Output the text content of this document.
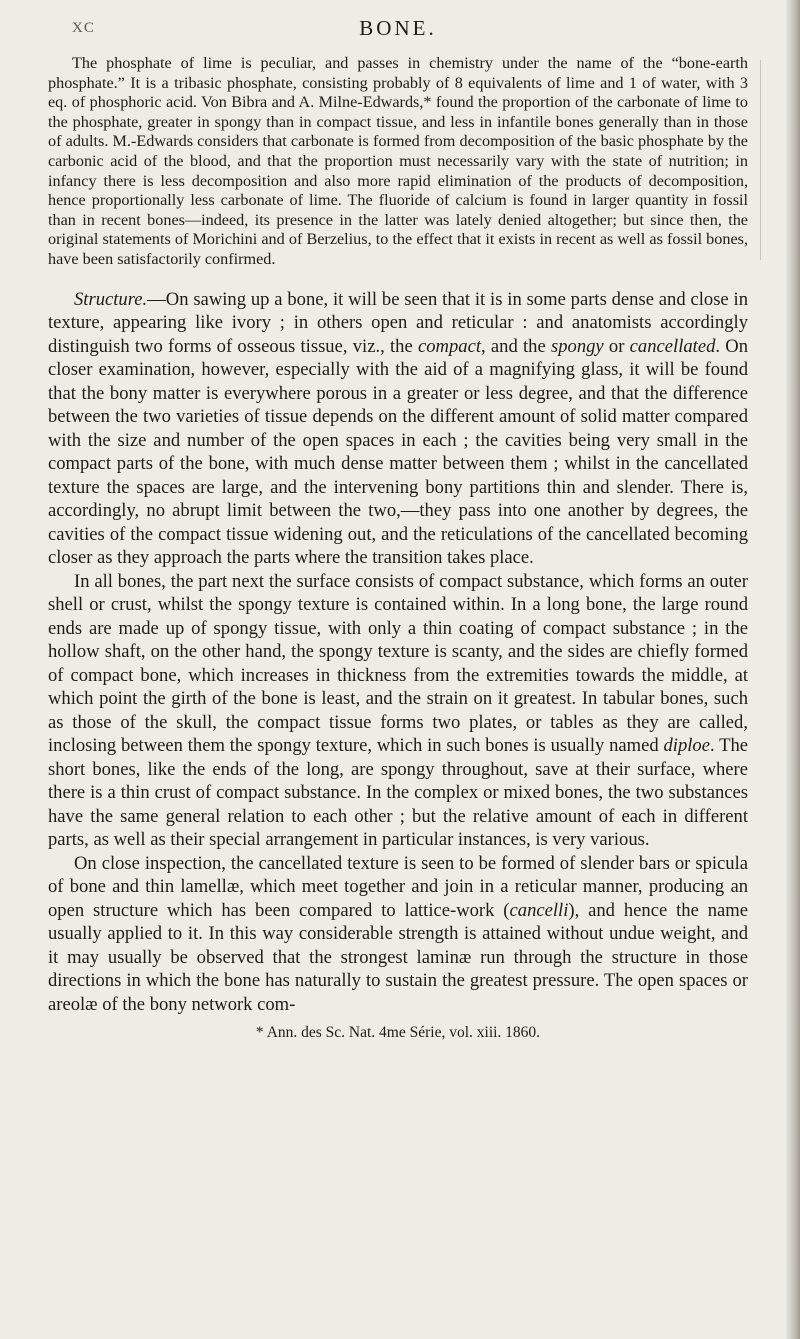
XC	BONE.

The phosphate of lime is peculiar, and passes in chemistry under the name of the “bone-earth phosphate.” It is a tribasic phosphate, consisting probably of 8 equivalents of lime and 1 of water, with 3 eq. of phosphoric acid. Von Bibra and A. Milne-Edwards,* found the proportion of the carbonate of lime to the phosphate, greater in spongy than in compact tissue, and less in infantile bones generally than in those of adults. M.-Edwards considers that carbonate is formed from decomposition of the basic phosphate by the carbonic acid of the blood, and that the proportion must necessarily vary with the state of nutrition; in infancy there is less decomposition and also more rapid elimination of the products of decomposition, hence proportionally less carbonate of lime. The fluoride of calcium is found in larger quantity in fossil than in recent bones—indeed, its presence in the latter was lately denied altogether; but since then, the original statements of Morichini and of Berzelius, to the effect that it exists in recent as well as fossil bones, have been satisfactorily confirmed.

Structure.—On sawing up a bone, it will be seen that it is in some parts dense and close in texture, appearing like ivory ; in others open and reticular : and anatomists accordingly distinguish two forms of osseous tissue, viz., the compact, and the spongy or cancellated. On closer examination, however, especially with the aid of a magnifying glass, it will be found that the bony matter is everywhere porous in a greater or less degree, and that the difference between the two varieties of tissue depends on the different amount of solid matter compared with the size and number of the open spaces in each ; the cavities being very small in the compact parts of the bone, with much dense matter between them ; whilst in the cancellated texture the spaces are large, and the intervening bony partitions thin and slender. There is, accordingly, no abrupt limit between the two,—they pass into one another by degrees, the cavities of the compact tissue widening out, and the reticulations of the cancellated becoming closer as they approach the parts where the transition takes place.

In all bones, the part next the surface consists of compact substance, which forms an outer shell or crust, whilst the spongy texture is contained within. In a long bone, the large round ends are made up of spongy tissue, with only a thin coating of compact substance ; in the hollow shaft, on the other hand, the spongy texture is scanty, and the sides are chiefly formed of compact bone, which increases in thickness from the extremities towards the middle, at which point the girth of the bone is least, and the strain on it greatest. In tabular bones, such as those of the skull, the compact tissue forms two plates, or tables as they are called, inclosing between them the spongy texture, which in such bones is usually named diploe. The short bones, like the ends of the long, are spongy throughout, save at their surface, where there is a thin crust of compact substance. In the complex or mixed bones, the two substances have the same general relation to each other ; but the relative amount of each in different parts, as well as their special arrangement in particular instances, is very various.

On close inspection, the cancellated texture is seen to be formed of slender bars or spicula of bone and thin lamellæ, which meet together and join in a reticular manner, producing an open structure which has been compared to lattice-work (cancelli), and hence the name usually applied to it. In this way considerable strength is attained without undue weight, and it may usually be observed that the strongest laminæ run through the structure in those directions in which the bone has naturally to sustain the greatest pressure. The open spaces or areolæ of the bony network com-

* Ann. des Sc. Nat. 4me Série, vol. xiii. 1860.
